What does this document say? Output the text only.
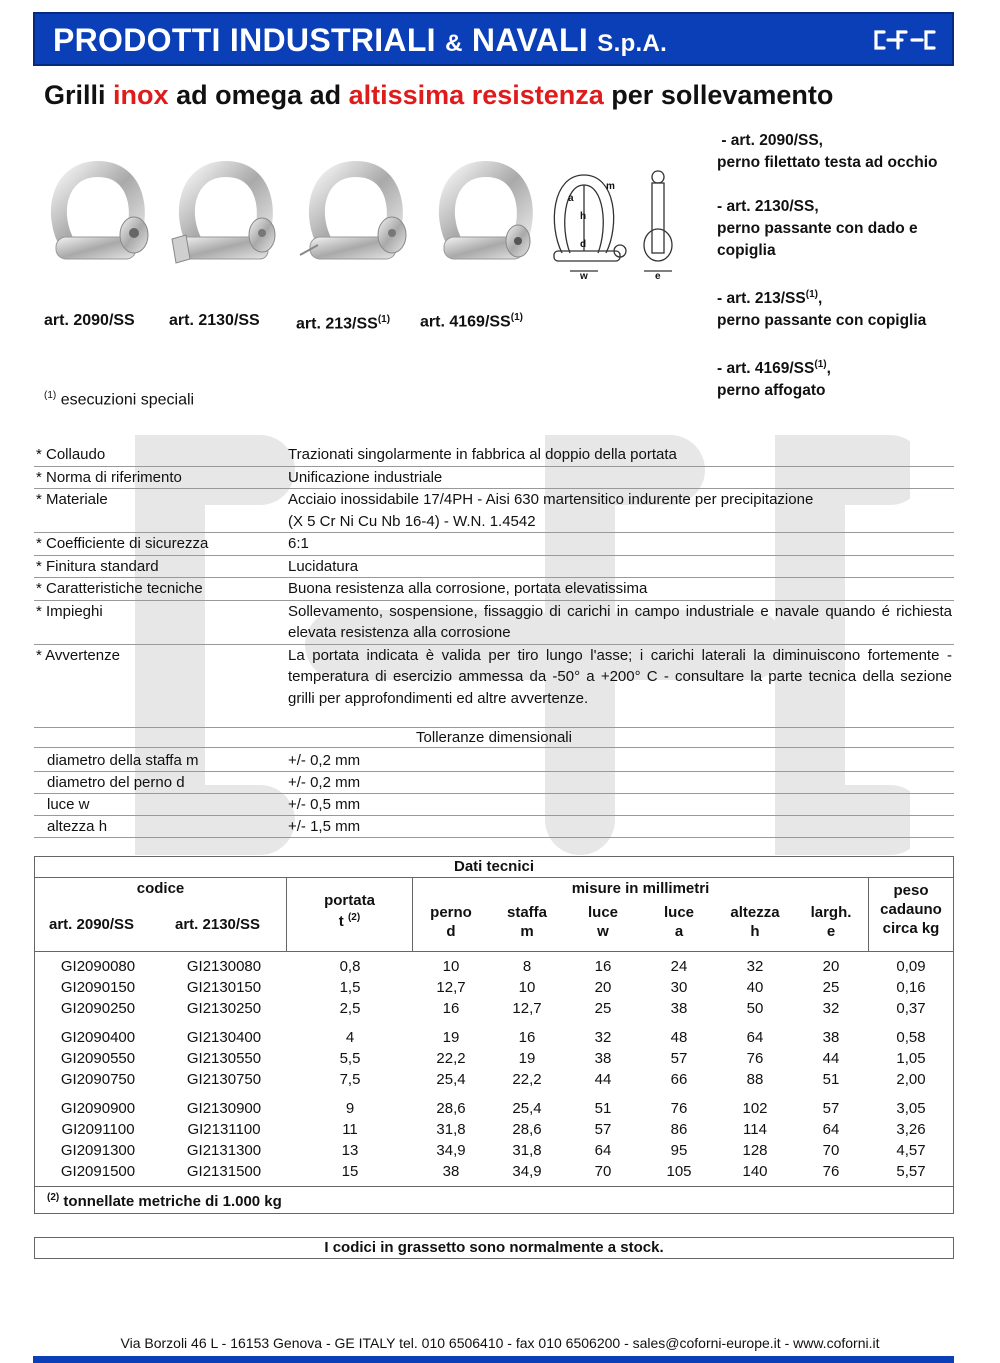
PRODOTTI INDUSTRIALI & NAVALI S.p.A.
Grilli inox ad omega ad altissima resistenza per sollevamento
a
m
h
d
w	e
art. 2090/SS art. 2130/SS art. 213/SS$^{(1)}$ art. 4169/SS$^{(1)}$
$^{(1)}$ esecuzioni speciali
- art. 2090/SS,
perno filettato testa ad occhio
- art. 2130/SS,
perno passante con dado e copiglia
- art. 213/SS$^{(1)}$,
perno passante con copiglia
- art. 4169/SS$^{(1)}$,
perno affogato
* Collaudo	Trazionati singolarmente in fabbrica al doppio della portata
* Norma di riferimento	Unificazione industriale
* Materiale	Acciaio inossidabile 17/4PH - Aisi 630 martensitico indurente per precipitazione
(X 5 Cr Ni Cu Nb 16-4) - W.N. 1.4542
* Coefficiente di sicurezza	6:1
* Finitura standard	Lucidatura
* Caratteristiche tecniche	Buona resistenza alla corrosione, portata elevatissima
* Impieghi	Sollevamento, sospensione, fissaggio di carichi in campo industriale e navale quando é richiesta elevata resistenza alla corrosione
* Avvertenze	La portata indicata è valida per tiro lungo l'asse; i carichi laterali la diminuiscono fortemente - temperatura di esercizio ammessa da -50° a +200° C - consultare la parte tecnica della sezione grilli per approfondimenti ed altre avvertenze.
Tolleranze dimensionali
diametro della staffa m	+/- 0,2 mm
diametro del perno d	+/- 0,2 mm
luce w	+/- 0,5 mm
altezza h	+/- 1,5 mm
Dati tecnici
codice
art. 2090/SS	art. 2130/SS
portata
t $^{(2)}$
misure in millimetri
perno
d
staffa
m
luce
w
luce
a
altezza
h
largh.
e
peso
cadauno
circa kg
GI2090080	GI2130080	0,8	10	8	16	24	32	20	0,09
GI2090150	GI2130150	1,5	12,7	10	20	30	40	25	0,16
GI2090250	GI2130250	2,5	16	12,7	25	38	50	32	0,37
GI2090400	GI2130400	4	19	16	32	48	64	38	0,58
GI2090550	GI2130550	5,5	22,2	19	38	57	76	44	1,05
GI2090750	GI2130750	7,5	25,4	22,2	44	66	88	51	2,00
GI2090900	GI2130900	9	28,6	25,4	51	76	102	57	3,05
GI2091100	GI2131100	11	31,8	28,6	57	86	114	64	3,26
GI2091300	GI2131300	13	34,9	31,8	64	95	128	70	4,57
GI2091500	GI2131500	15	38	34,9	70	105	140	76	5,57
$^{(2)}$ tonnellate metriche di 1.000 kg
I codici in grassetto sono normalmente a stock.
Via Borzoli 46 L - 16153 Genova - GE ITALY tel. 010 6506410 - fax 010 6506200 - sales@coforni-europe.it - www.coforni.it
